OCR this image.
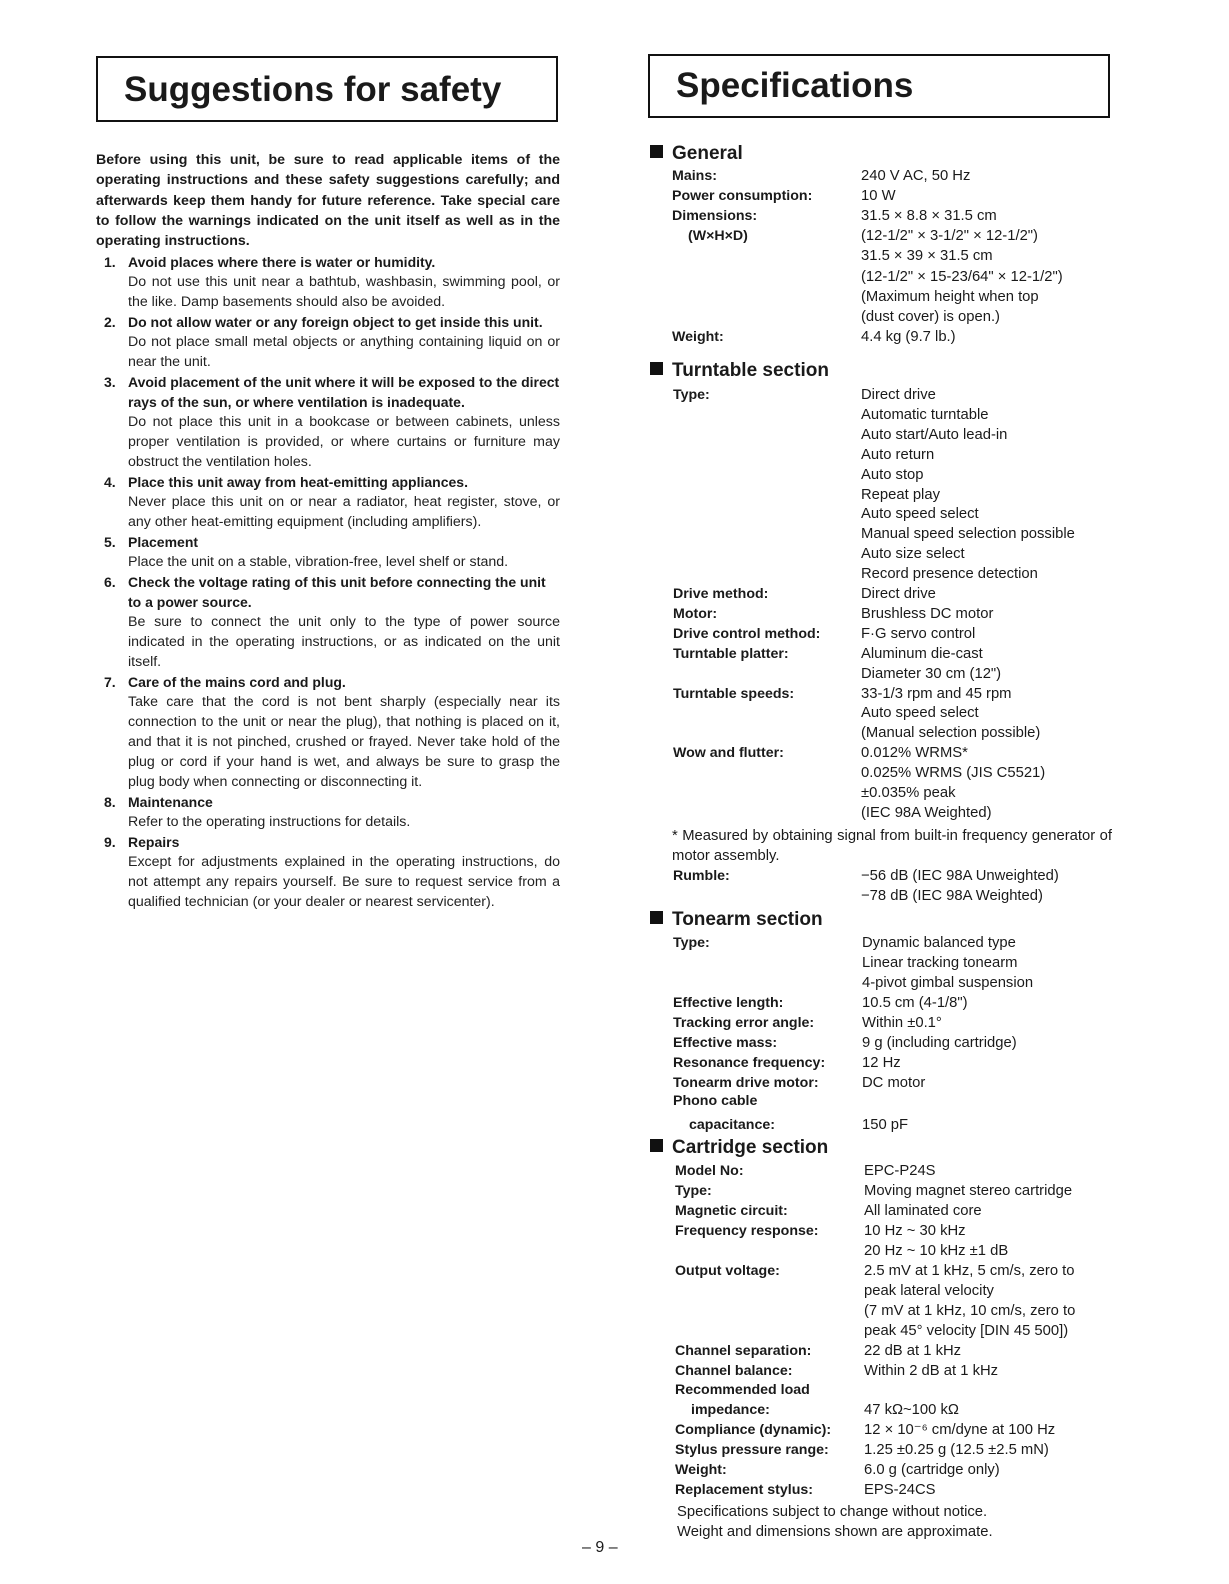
Suggestions for safety	Specifications
Before using this unit, be sure to read applicable items of the operating instructions and these safety suggestions carefully; and afterwards keep them handy for future reference. Take special care to follow the warnings indicated on the unit itself as well as in the operating instructions.
1. Avoid places where there is water or humidity.
Do not use this unit near a bathtub, washbasin, swimming pool, or the like. Damp basements should also be avoided.
2. Do not allow water or any foreign object to get inside this unit.
Do not place small metal objects or anything containing liquid on or near the unit.
3. Avoid placement of the unit where it will be exposed to the direct rays of the sun, or where ventilation is inadequate.
Do not place this unit in a bookcase or between cabinets, unless proper ventilation is provided, or where curtains or furniture may obstruct the ventilation holes.
4. Place this unit away from heat-emitting appliances.
Never place this unit on or near a radiator, heat register, stove, or any other heat-emitting equipment (including amplifiers).
5. Placement
Place the unit on a stable, vibration-free, level shelf or stand.
6. Check the voltage rating of this unit before connecting the unit to a power source.
Be sure to connect the unit only to the type of power source indicated in the operating instructions, or as indicated on the unit itself.
7. Care of the mains cord and plug.
Take care that the cord is not bent sharply (especially near its connection to the unit or near the plug), that nothing is placed on it, and that it is not pinched, crushed or frayed. Never take hold of the plug or cord if your hand is wet, and always be sure to grasp the plug body when connecting or disconnecting it.
8. Maintenance
Refer to the operating instructions for details.
9. Repairs
Except for adjustments explained in the operating instructions, do not attempt any repairs yourself. Be sure to request service from a qualified technician (or your dealer or nearest servicenter).
General
Turntable section
Tonearm section
Cartridge section
Mains:	240 V AC, 50 Hz
Power consumption:	10 W
Dimensions:	31.5 × 8.8 × 31.5 cm
(W×H×D)	(12-1/2" × 3-1/2" × 12-1/2")
31.5 × 39 × 31.5 cm
(12-1/2" × 15-23/64" × 12-1/2")
(Maximum height when top
(dust cover) is open.)
Weight:	4.4 kg (9.7 lb.)
Type:	Direct drive
Automatic turntable
Auto start/Auto lead-in
Auto return
Auto stop
Repeat play
Auto speed select
Manual speed selection possible
Auto size select
Record presence detection
Drive method:	Direct drive
Motor:	Brushless DC motor
Drive control method:	F·G servo control
Turntable platter:	Aluminum die-cast
Diameter 30 cm (12")
Turntable speeds:	33-1/3 rpm and 45 rpm
Auto speed select
(Manual selection possible)
Wow and flutter:	0.012% WRMS*
0.025% WRMS (JIS C5521)
±0.035% peak
(IEC 98A Weighted)
Rumble:	−56 dB (IEC 98A Unweighted)
−78 dB (IEC 98A Weighted)
Type:	Dynamic balanced type
Linear tracking tonearm
4-pivot gimbal suspension
Effective length:	10.5 cm (4-1/8")
Tracking error angle:	Within ±0.1°
Effective mass:	9 g (including cartridge)
Resonance frequency: 12 Hz
Tonearm drive motor:	DC motor
Phono cable
capacitance:	150 pF
Model No:	EPC-P24S
Type:	Moving magnet stereo cartridge
Magnetic circuit:	All laminated core
Frequency response:	10 Hz ~ 30 kHz
20 Hz ~ 10 kHz ±1 dB
Output voltage:	2.5 mV at 1 kHz, 5 cm/s, zero to
peak lateral velocity
(7 mV at 1 kHz, 10 cm/s, zero to
peak 45° velocity [DIN 45 500])
Channel separation:	22 dB at 1 kHz
Channel balance:	Within 2 dB at 1 kHz
Recommended load
impedance:	47 kΩ~100 kΩ
Compliance (dynamic): 12 × 10⁻⁶ cm/dyne at 100 Hz
Stylus pressure range: 1.25 ±0.25 g (12.5 ±2.5 mN)
Weight:	6.0 g (cartridge only)
Replacement stylus:	EPS-24CS
* Measured by obtaining signal from built-in frequency generator of motor assembly.
Specifications subject to change without notice.
Weight and dimensions shown are approximate.
– 9 –
